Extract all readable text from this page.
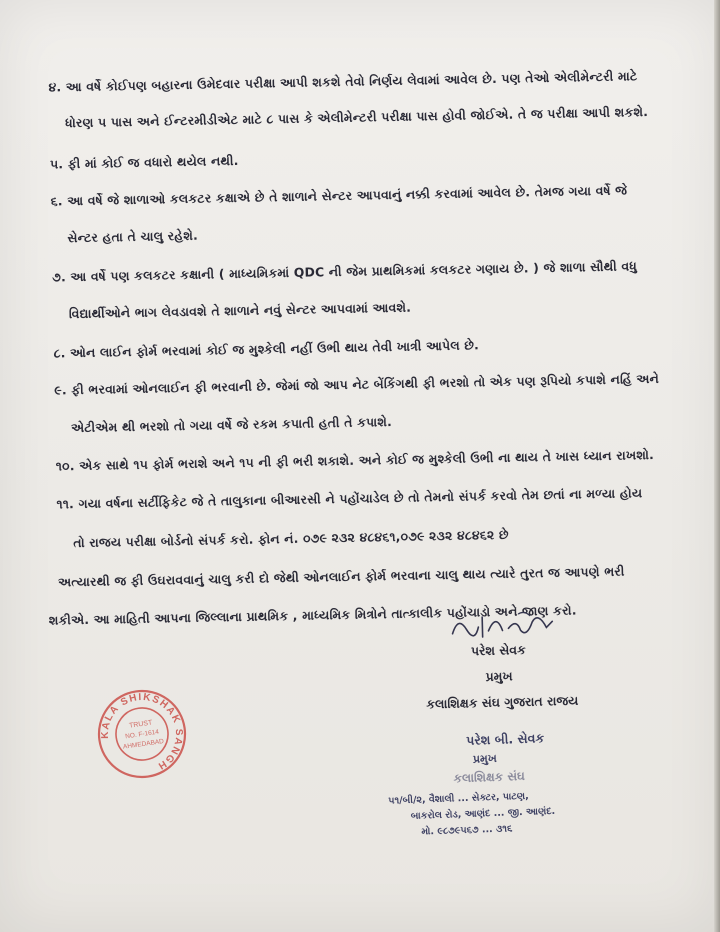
૪. આ વર્ષે કોઈપણ બહારના ઉમેદવાર પરીક્ષા આપી શકશે તેવો નિર્ણય લેવામાં આવેલ છે. પણ તેઓ એલીમેન્ટરી માટે
ધોરણ ૫ પાસ અને ઈન્ટરમીડીએટ માટે ૮ પાસ કે એલીમેન્ટરી પરીક્ષા પાસ હોવી જોઈએ. તે જ પરીક્ષા આપી શકશે.
૫. ફી માં કોઈ જ વધારો થયેલ નથી.
૬. આ વર્ષે જે શાળાઓ કલકટર કક્ષાએ છે તે શાળાને સેન્ટર આપવાનું નક્કી કરવામાં આવેલ છે. તેમજ ગયા વર્ષે જે
સેન્ટર હતા તે ચાલુ રહેશે.
૭. આ વર્ષે પણ કલકટર કક્ષાની ( માધ્યમિકમાં QDC ની જેમ પ્રાથમિકમાં કલકટર ગણાય છે. ) જે શાળા સૌથી વધુ
વિદ્યાર્થીઓને ભાગ લેવડાવશે તે શાળાને નવું સેન્ટર આપવામાં આવશે.
૮. ઓન લાઈન ફોર્મ ભરવામાં કોઈ જ મુશ્કેલી નહીં ઉભી થાય તેવી ખાત્રી આપેલ છે.
૯. ફી ભરવામાં ઓનલાઈન ફી ભરવાની છે. જેમાં જો આપ નેટ બેંકિંગથી ફી ભરશો તો એક પણ રૂપિયો કપાશે નહિં અને
એટીએમ થી ભરશો તો ગયા વર્ષે જે રકમ કપાતી હતી તે કપાશે.
૧૦. એક સાથે ૧૫ ફોર્મ ભરાશે અને ૧૫ ની ફી ભરી શકાશે. અને કોઈ જ મુશ્કેલી ઉભી ના થાય તે ખાસ ધ્યાન રાખશો.
૧૧. ગયા વર્ષના સર્ટીફિકેટ જે તે તાલુકાના બીઆરસી ને પહોંચાડેલ છે તો તેમનો સંપર્ક કરવો તેમ છતાં ના મળ્યા હોય
તો રાજય પરીક્ષા બોર્ડનો સંપર્ક કરો. ફોન નં. ૦૭૯ ૨૩૨ ૪૮૪૬૧,૦૭૯ ૨૩૨ ૪૮૪૬૨ છે
અત્યારથી જ ફી ઉઘરાવવાનું ચાલુ કરી દો જેથી ઓનલાઈન ફોર્મ ભરવાના ચાલુ થાય ત્યારે તુરત જ આપણે ભરી
શકીએ. આ માહિતી આપના જિલ્લાના પ્રાથમિક , માધ્યમિક મિત્રોને તાત્કાલીક પહોંચાડો અને જાણ કરો.
પરેશ સેવક
પ્રમુખ
કલાશિક્ષક સંઘ ગુજરાત રાજય
KALA SHIKSHAK SANGH
TRUST
NO. F-1614
AHMEDABAD	પરેશ બી. સેવક
પ્રમુખ
કલાશિક્ષક સંઘ
૫૧/બી/૨, વૈશાલી ... સેક્ટર, પાટણ,
બાકરોલ રોડ, આણંદ ... જી. આણંદ.
મો. ૯૮૭૯૫૬૭ ... ૩૧૬
